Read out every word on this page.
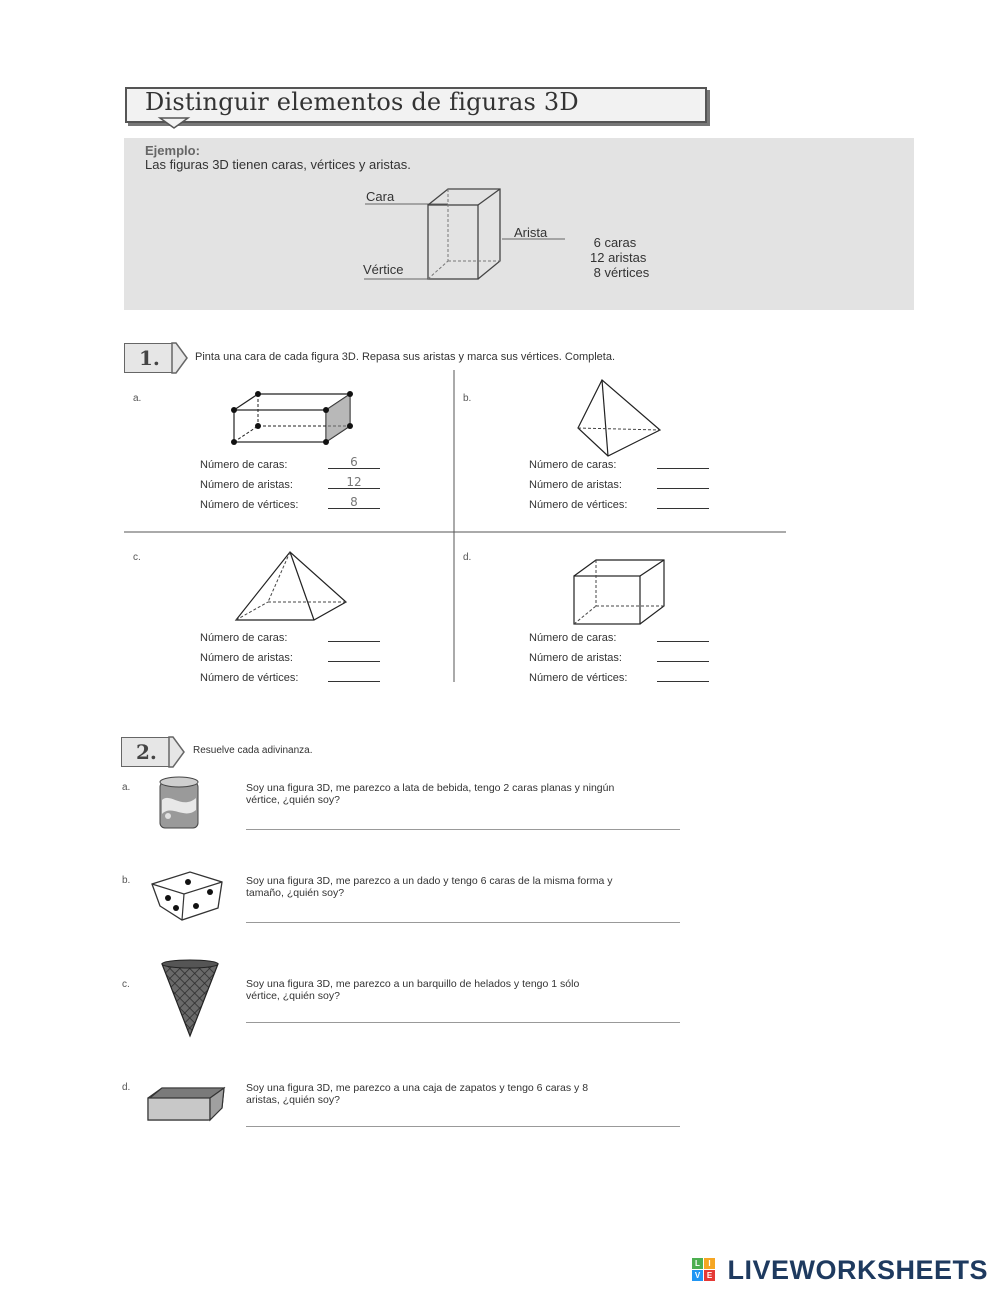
Distinguir elementos de figuras 3D
Ejemplo:
Las figuras 3D tienen caras, vértices y aristas.
Cara
Arista
Vértice
6 caras
12 aristas
8 vértices
1.	Pinta una cara de cada figura 3D. Repasa sus aristas y marca sus vértices. Completa.
a.
Número de caras:	6
Número de aristas:	12
Número de vértices:	8
b.
Número de caras:
Número de aristas:
Número de vértices:
c.
Número de caras:
Número de aristas:
Número de vértices:
d.
Número de caras:
Número de aristas:
Número de vértices:
2.	Resuelve cada adivinanza.
a.	Soy una figura 3D, me parezco a lata de bebida, tengo 2 caras planas y ningún
vértice, ¿quién soy?
b.	Soy una figura 3D, me parezco a un dado y tengo 6 caras de la misma forma y
tamaño, ¿quién soy?
c.	Soy una figura 3D, me parezco a un barquillo de helados y tengo 1 sólo
vértice, ¿quién soy?
d.	Soy una figura 3D, me parezco a una caja de zapatos y tengo 6 caras y 8
aristas, ¿quién soy?
L	I
V E LIVEWORKSHEETS
